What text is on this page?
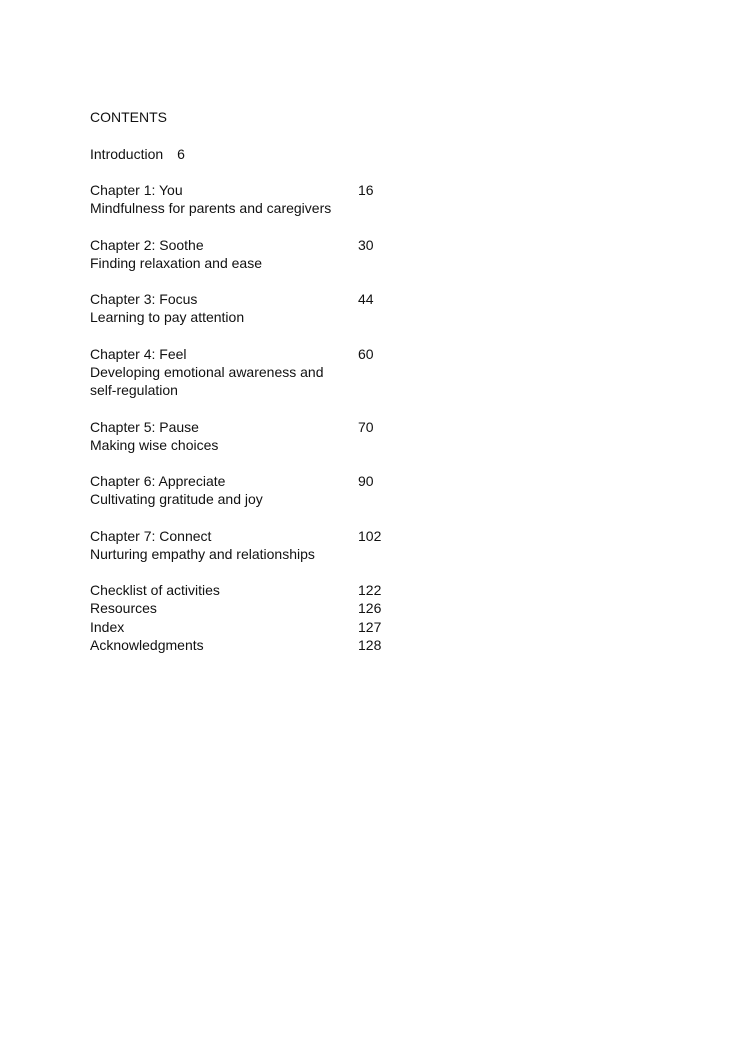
CONTENTS
Introduction 6
Chapter 1: You	16
Mindfulness for parents and caregivers
Chapter 2: Soothe	30
Finding relaxation and ease
Chapter 3: Focus	44
Learning to pay attention
Chapter 4: Feel	60
Developing emotional awareness and self-regulation
Chapter 5: Pause	70
Making wise choices
Chapter 6: Appreciate	90
Cultivating gratitude and joy
Chapter 7: Connect	102
Nurturing empathy and relationships
Checklist of activities	122
Resources	126
Index	127
Acknowledgments	128
